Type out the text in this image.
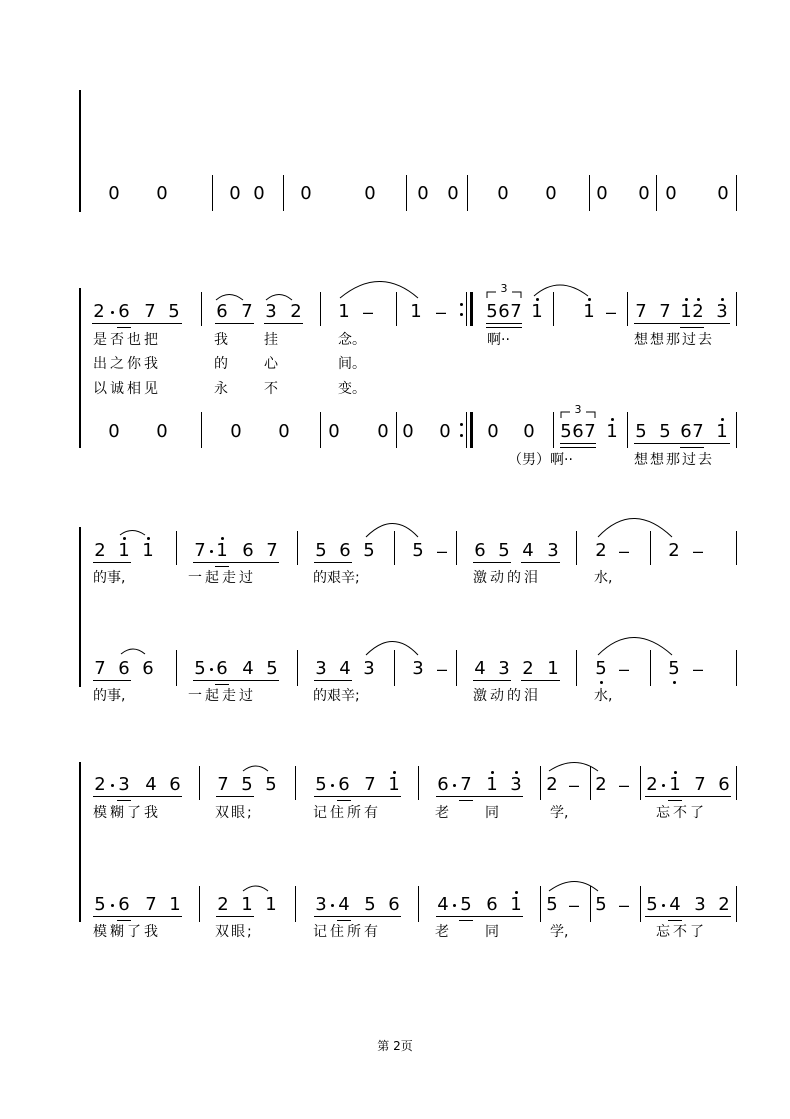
0 0	0 0 0	0 0 0 0 0 0 0 0 0
2 6 7 5 6 7 3 2 1 – 1 – 5 6 7
3
1 1 – 7 7 1 2 3
是否也把	我	挂	念。	啊··	想想那过去
出之你我	的	心	间。
以诚相见	永	不	变。
0 0	0 0 0 0 0 0 0 0
3
5 6 7 1 5 5 6 7 1
（男）啊··	想想那过去
2 1 1 7 1 6 7 5 6 5 5 – 6 5 4 3 2 – 2 –
的事,	一起走过	的艰辛;	激动的泪	水,
7 6 6 5 6 4 5 3 4 3 3 – 4 3 2 1 5 – 5 –
的事,	一起走过	的艰辛;	激动的泪	水,
2 3 4 6 7 5 5 5 6 7 1 6 7 1 3 2 – 2 – 2 1 7 6
模糊了我	双眼;	记住所有	老	同	学,	忘不了
5 6 7 1 2 1 1 3 4 5 6 4 5 6 1 5 – 5 – 5 4 3 2
模糊了我	双眼;	记住所有	老	同	学,	忘不了
第 2页
